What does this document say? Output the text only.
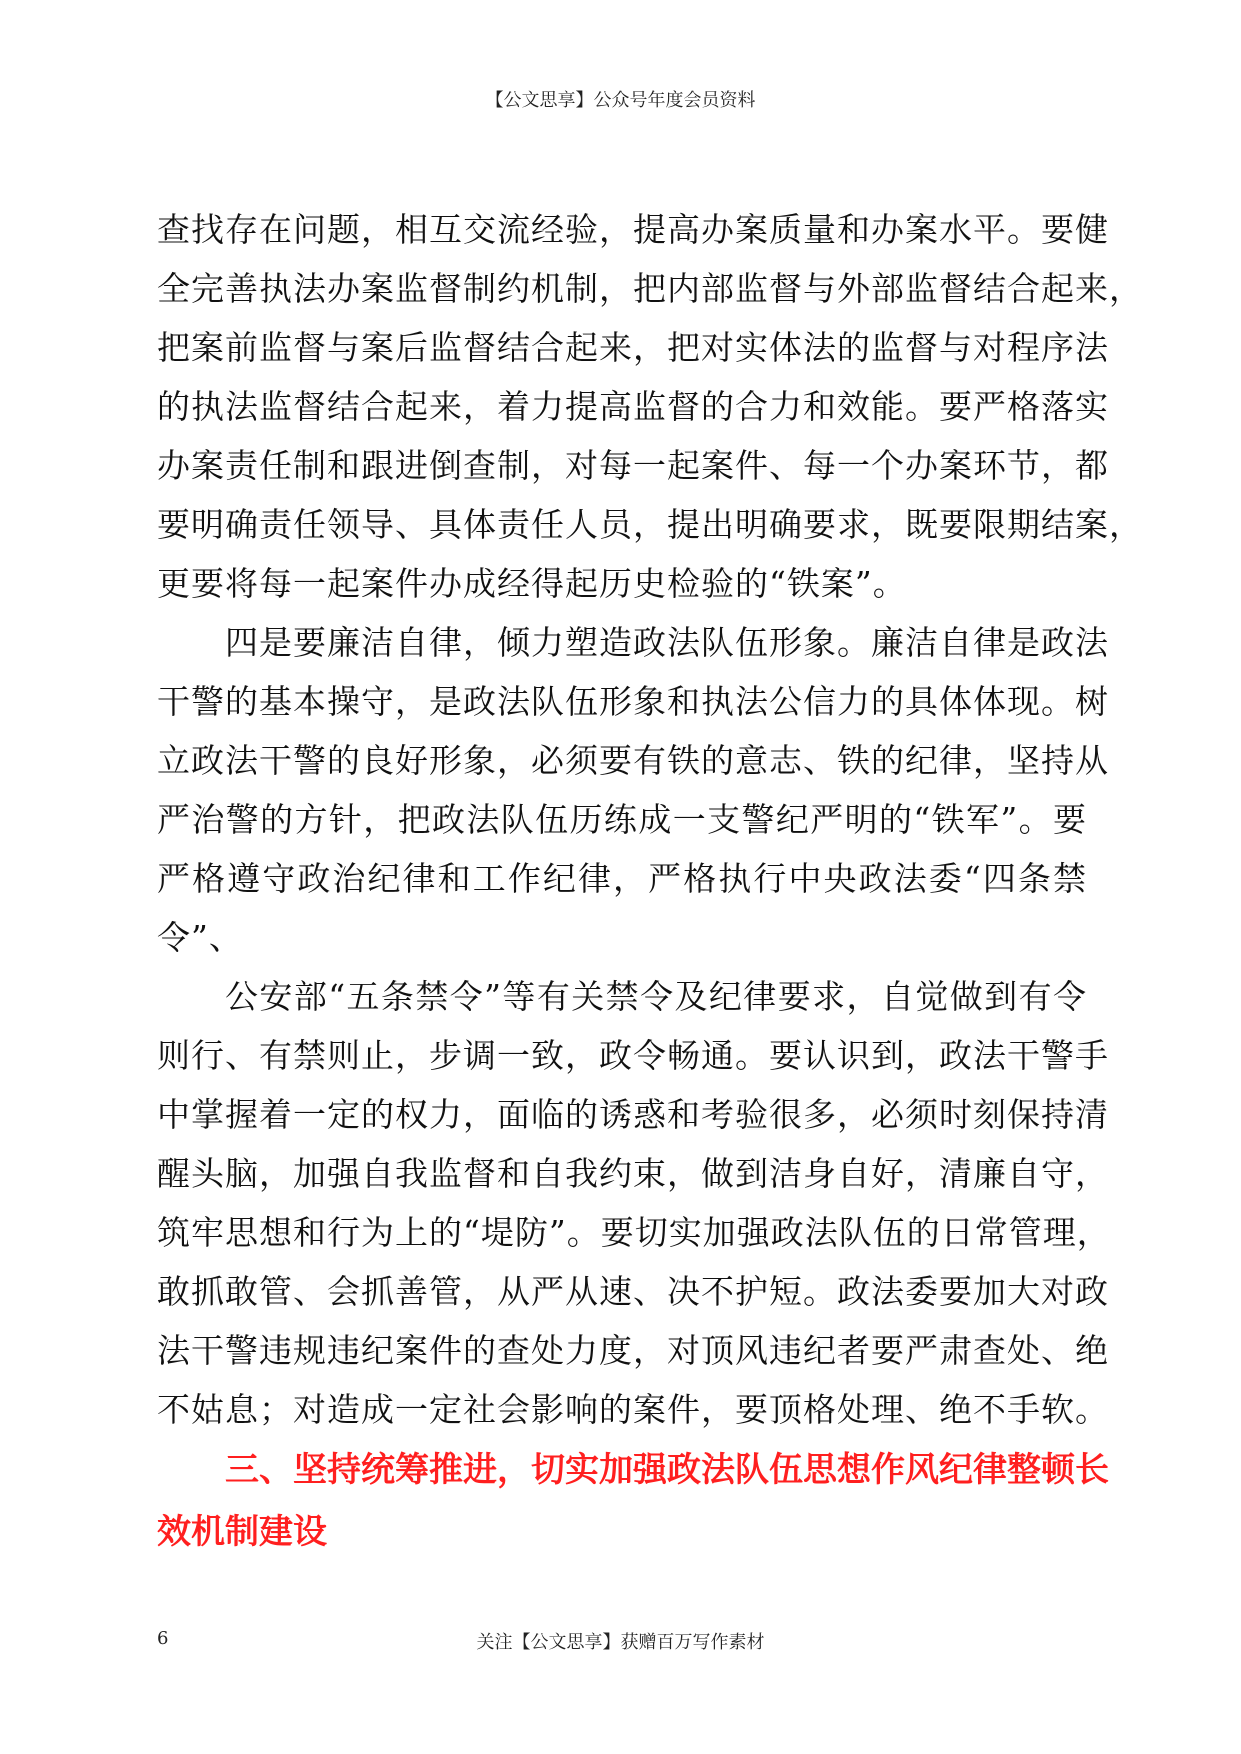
【公文思享】公众号年度会员资料
查找存在问题，相互交流经验，提高办案质量和办案水平。要健
全完善执法办案监督制约机制，把内部监督与外部监督结合起来，
把案前监督与案后监督结合起来，把对实体法的监督与对程序法
的执法监督结合起来，着力提高监督的合力和效能。要严格落实
办案责任制和跟进倒查制，对每一起案件、每一个办案环节，都
要明确责任领导、具体责任人员，提出明确要求，既要限期结案，
更要将每一起案件办成经得起历史检验的“铁案”。
四是要廉洁自律，倾力塑造政法队伍形象。廉洁自律是政法
干警的基本操守，是政法队伍形象和执法公信力的具体体现。树
立政法干警的良好形象，必须要有铁的意志、铁的纪律，坚持从
严治警的方针，把政法队伍历练成一支警纪严明的“铁军”。要
严格遵守政治纪律和工作纪律，严格执行中央政法委“四条禁
令”、
公安部“五条禁令”等有关禁令及纪律要求，自觉做到有令
则行、有禁则止，步调一致，政令畅通。要认识到，政法干警手
中掌握着一定的权力，面临的诱惑和考验很多，必须时刻保持清
醒头脑，加强自我监督和自我约束，做到洁身自好，清廉自守，
筑牢思想和行为上的“堤防”。要切实加强政法队伍的日常管理，
敢抓敢管、会抓善管，从严从速、决不护短。政法委要加大对政
法干警违规违纪案件的查处力度，对顶风违纪者要严肃查处、绝
不姑息；对造成一定社会影响的案件，要顶格处理、绝不手软。
三、坚持统筹推进，切实加强政法队伍思想作风纪律整顿长
效机制建设
6	关注【公文思享】获赠百万写作素材
